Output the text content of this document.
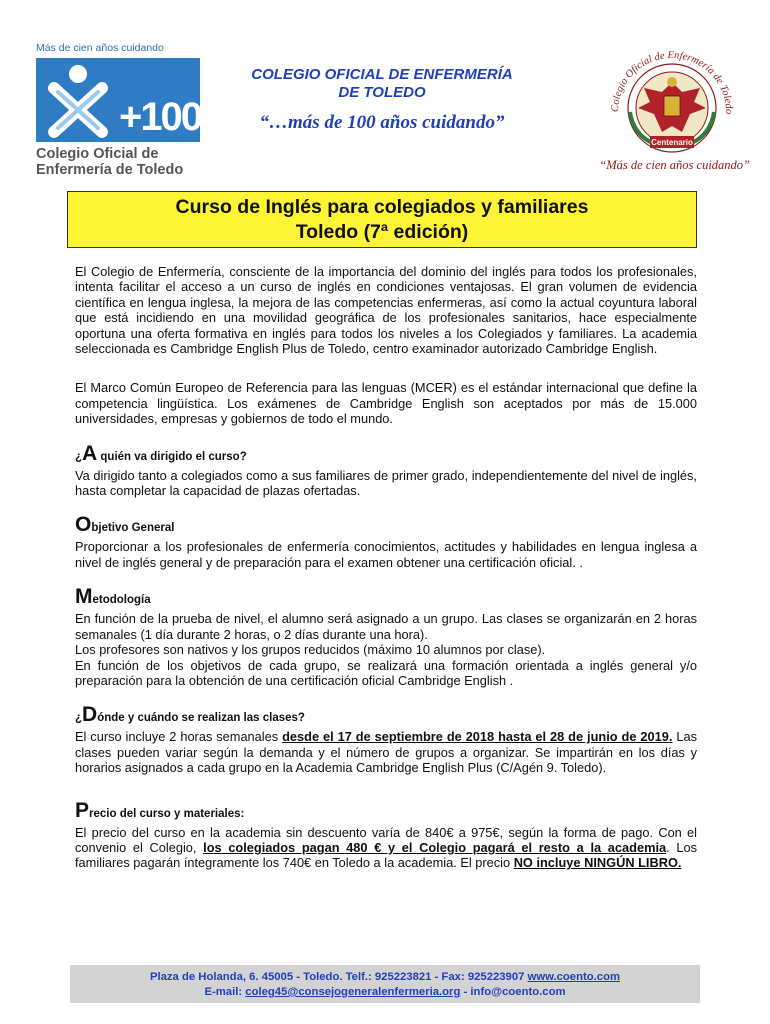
Más de cien años cuidando
+100
Colegio Oficial de
Enfermería de Toledo
COLEGIO OFICIAL DE ENFERMERÍA
DE TOLEDO
“…más de 100 años cuidando”
Colegio Oficial de Enfermería de Toledo
Centenario
“Más de cien años cuidando”
Curso de Inglés para colegiados y familiares
Toledo (7ª edición)

El Colegio de Enfermería, consciente de la importancia del dominio del inglés para todos los profesionales, intenta facilitar el acceso a un curso de inglés en condiciones ventajosas. El gran volumen de evidencia científica en lengua inglesa, la mejora de las competencias enfermeras, así como la actual coyuntura laboral que está incidiendo en una movilidad geográfica de los profesionales sanitarios, hace especialmente oportuna una oferta formativa en inglés para todos los niveles a los Colegiados y familiares. La academia seleccionada es Cambridge English Plus de Toledo, centro examinador autorizado Cambridge English.

El Marco Común Europeo de Referencia para las lenguas (MCER) es el estándar internacional que define la competencia lingüística. Los exámenes de Cambridge English son aceptados por más de 15.000 universidades, empresas y gobiernos de todo el mundo.

¿A quién va dirigido el curso?

Va dirigido tanto a colegiados como a sus familiares de primer grado, independientemente del nivel de inglés, hasta completar la capacidad de plazas ofertadas.

Objetivo General

Proporcionar a los profesionales de enfermería conocimientos, actitudes y habilidades en lengua inglesa a nivel de inglés general y de preparación para el examen obtener una certificación oficial. .

Metodología

En función de la prueba de nivel, el alumno será asignado a un grupo. Las clases se organizarán en 2 horas semanales (1 día durante 2 horas, o 2 días durante una hora).

Los profesores son nativos y los grupos reducidos (máximo 10 alumnos por clase).

En función de los objetivos de cada grupo, se realizará una formación orientada a inglés general y/o preparación para la obtención de una certificación oficial Cambridge English .

¿Dónde y cuándo se realizan las clases?

El curso incluye 2 horas semanales desde el 17 de septiembre de 2018 hasta el 28 de junio de 2019. Las clases pueden variar según la demanda y el número de grupos a organizar. Se impartirán en los días y horarios asignados a cada grupo en la Academia Cambridge English Plus (C/Agén 9. Toledo).

Precio del curso y materiales:

El precio del curso en la academia sin descuento varía de 840€ a 975€, según la forma de pago. Con el convenio el Colegio, los colegiados pagan 480 € y el Colegio pagará el resto a la academia. Los familiares pagarán íntegramente los 740€ en Toledo a la academia. El precio NO incluye NINGÚN LIBRO.

Plaza de Holanda, 6. 45005 - Toledo. Telf.: 925223821 - Fax: 925223907 www.coento.com
E-mail: coleg45@consejogeneralenfermeria.org - info@coento.com
